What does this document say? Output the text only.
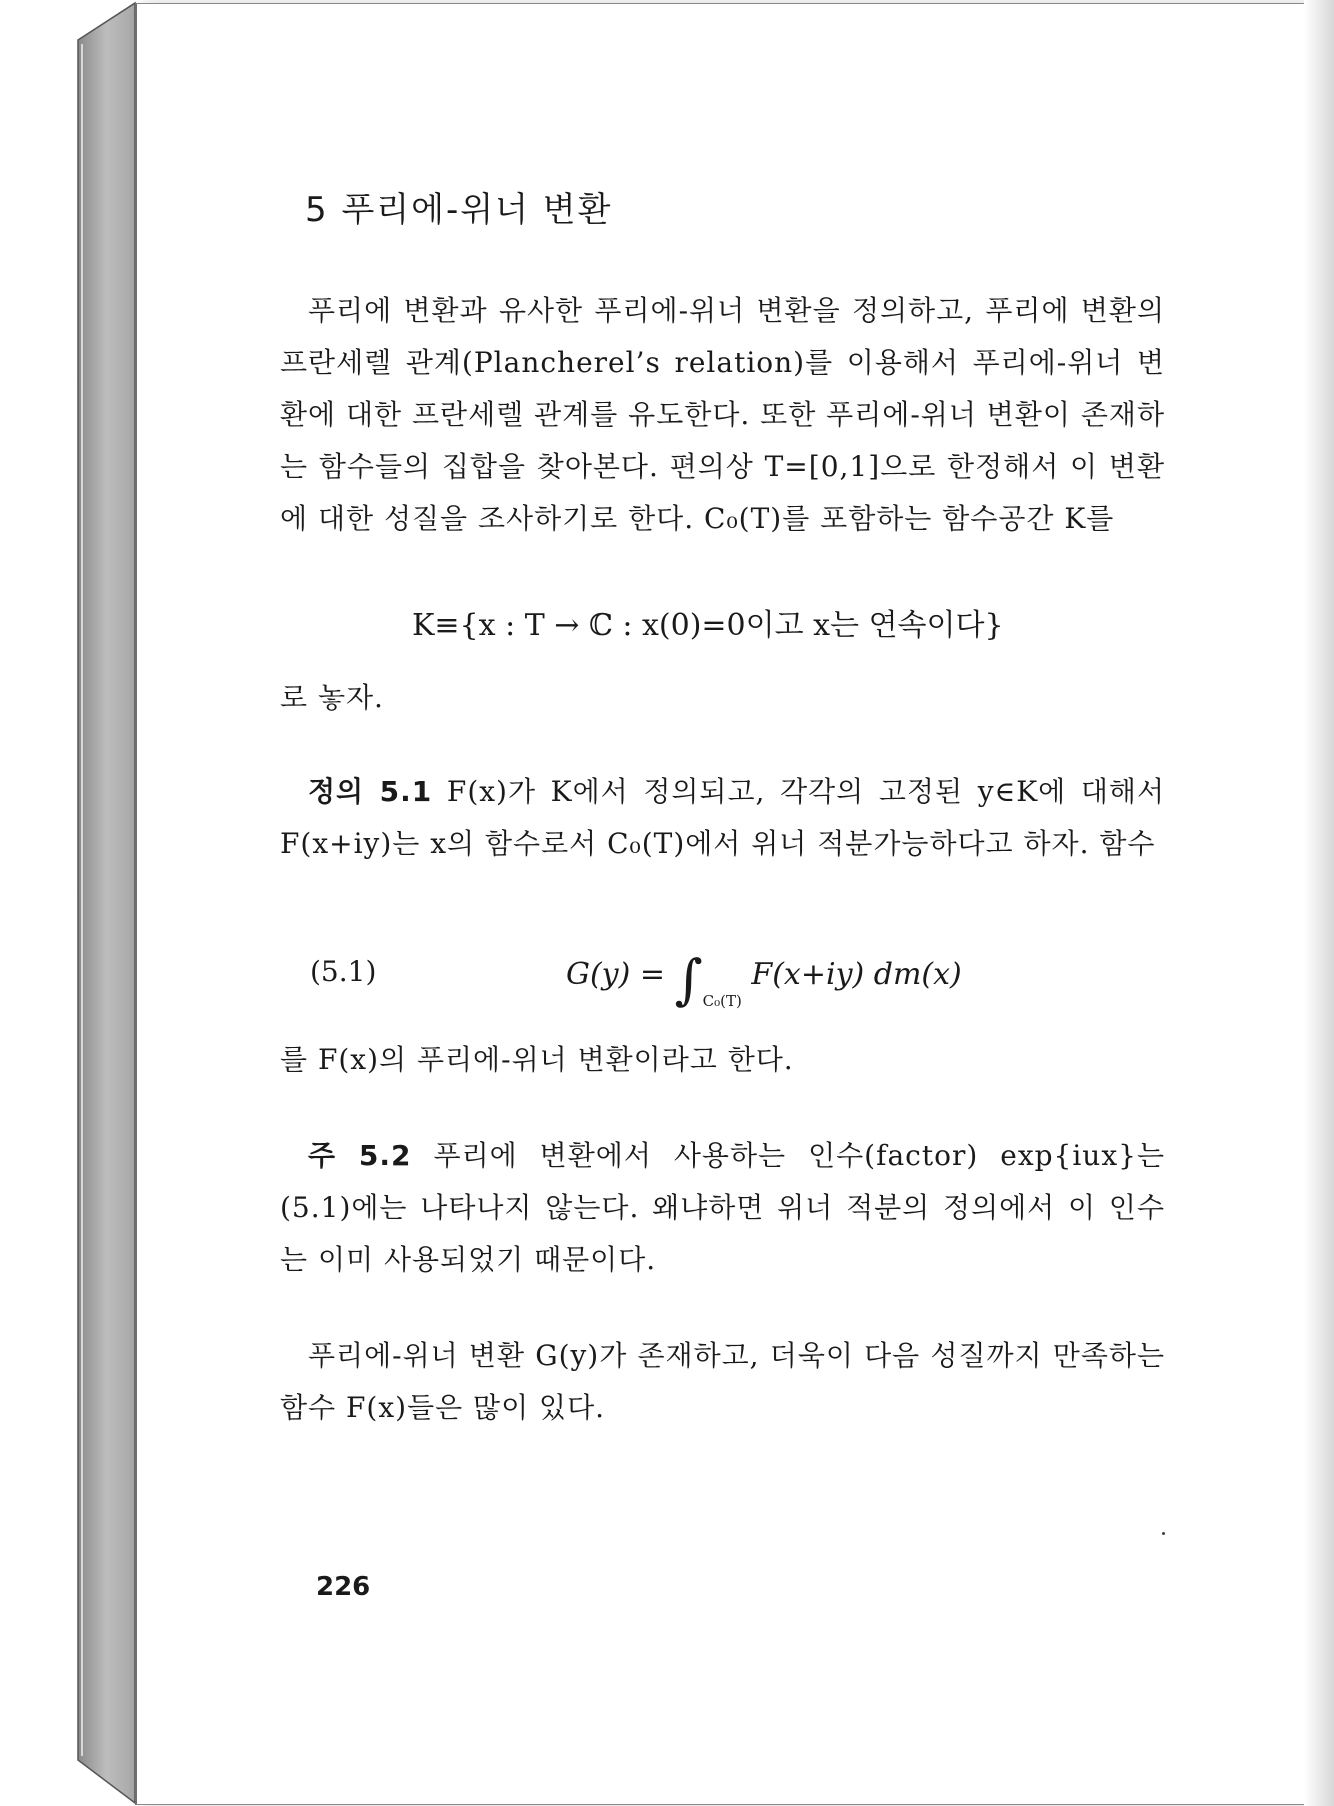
5 푸리에-위너 변환
푸리에 변환과 유사한 푸리에-위너 변환을 정의하고, 푸리에 변환의 프란세렐 관계(Plancherel’s relation)를 이용해서 푸리에-위너 변환에 대한 프란세렐 관계를 유도한다. 또한 푸리에-위너 변환이 존재하는 함수들의 집합을 찾아본다. 편의상 T=[0,1]으로 한정해서 이 변환에 대한 성질을 조사하기로 한다. C₀(T)를 포함하는 함수공간 K를
K≡{x : T → ℂ : x(0)=0이고 x는 연속이다}
로 놓자.
정의 5.1 F(x)가 K에서 정의되고, 각각의 고정된 y∈K에 대해서 F(x+iy)는 x의 함수로서 C₀(T)에서 위너 적분가능하다고 하자. 함수
(5.1)	$G(y) = \int_{C_0(T)}$ F(x+iy) dm(x)
를 F(x)의 푸리에-위너 변환이라고 한다.
주 5.2 푸리에 변환에서 사용하는 인수(factor) exp{iux}는 (5.1)에는 나타나지 않는다. 왜냐하면 위너 적분의 정의에서 이 인수는 이미 사용되었기 때문이다.
푸리에-위너 변환 G(y)가 존재하고, 더욱이 다음 성질까지 만족하는 함수 F(x)들은 많이 있다.
226
